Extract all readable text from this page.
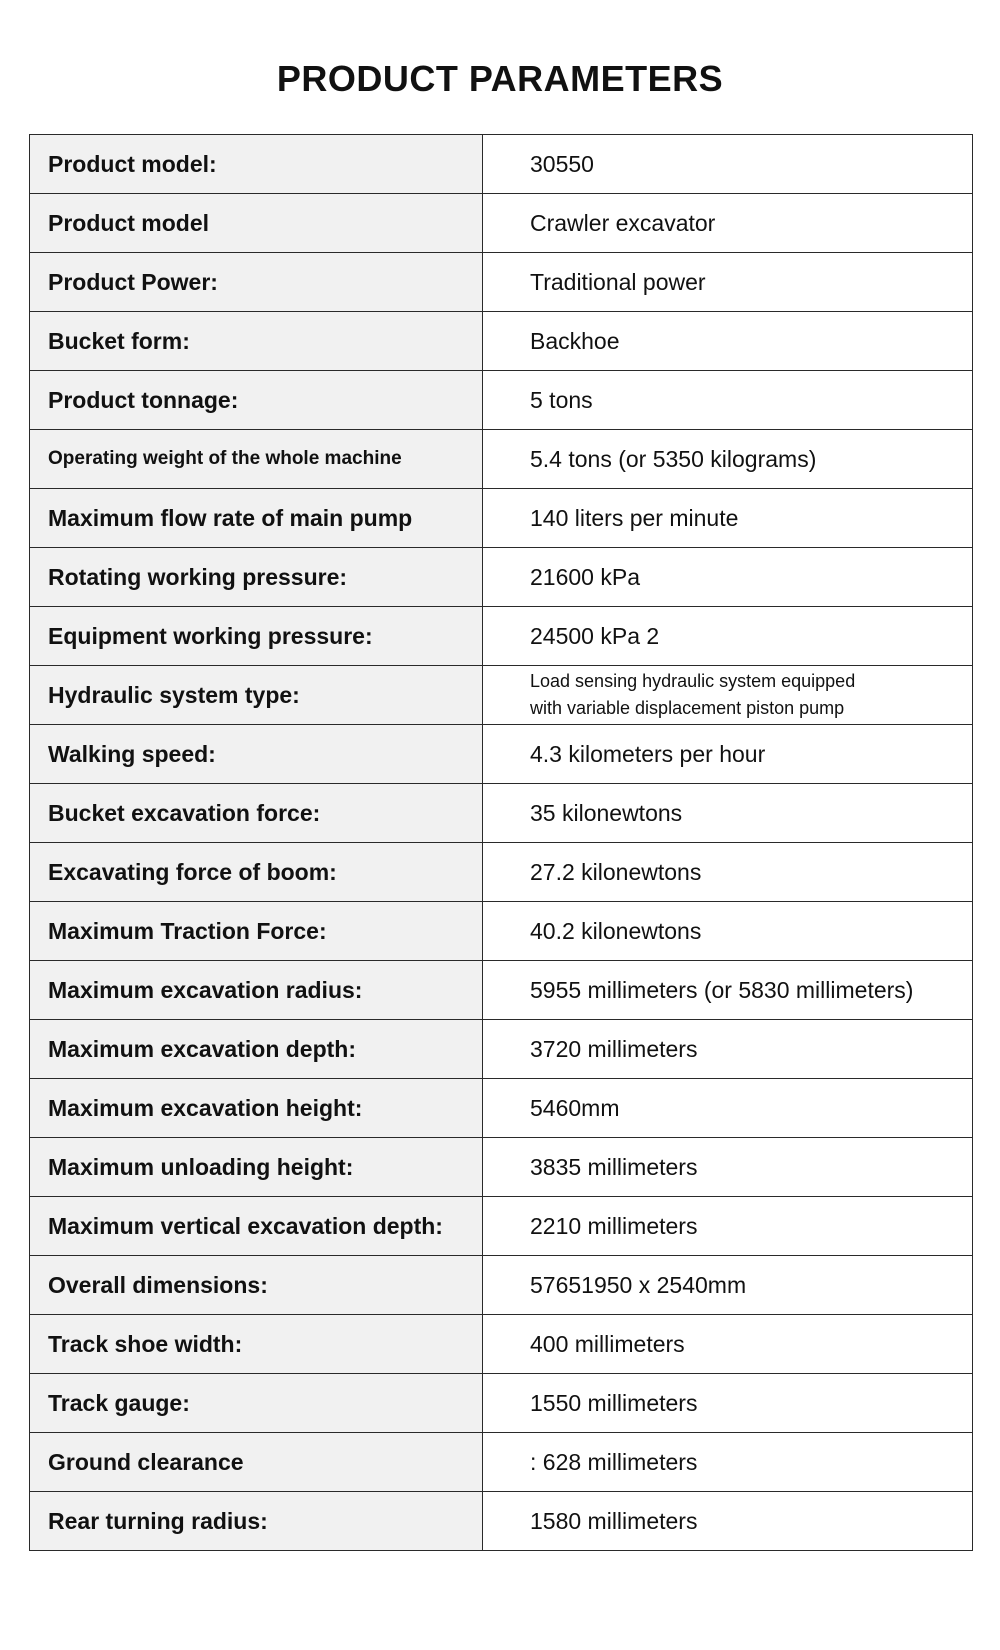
PRODUCT PARAMETERS
Product model:	30550
Product model	Crawler excavator
Product Power:	Traditional power
Bucket form:	Backhoe
Product tonnage:	5 tons
Operating weight of the whole machine	5.4 tons (or 5350 kilograms)
Maximum flow rate of main pump	140 liters per minute
Rotating working pressure:	21600 kPa
Equipment working pressure:	24500 kPa 2
Hydraulic system type:	Load sensing hydraulic system equipped
with variable displacement piston pump

Walking speed:	4.3 kilometers per hour
Bucket excavation force:	35 kilonewtons
Excavating force of boom:	27.2 kilonewtons
Maximum Traction Force:	40.2 kilonewtons
Maximum excavation radius:	5955 millimeters (or 5830 millimeters)
Maximum excavation depth:	3720 millimeters
Maximum excavation height:	5460mm
Maximum unloading height:	3835 millimeters
Maximum vertical excavation depth:	2210 millimeters
Overall dimensions:	57651950 x 2540mm
Track shoe width:	400 millimeters
Track gauge:	1550 millimeters
Ground clearance	: 628 millimeters
Rear turning radius:	1580 millimeters
